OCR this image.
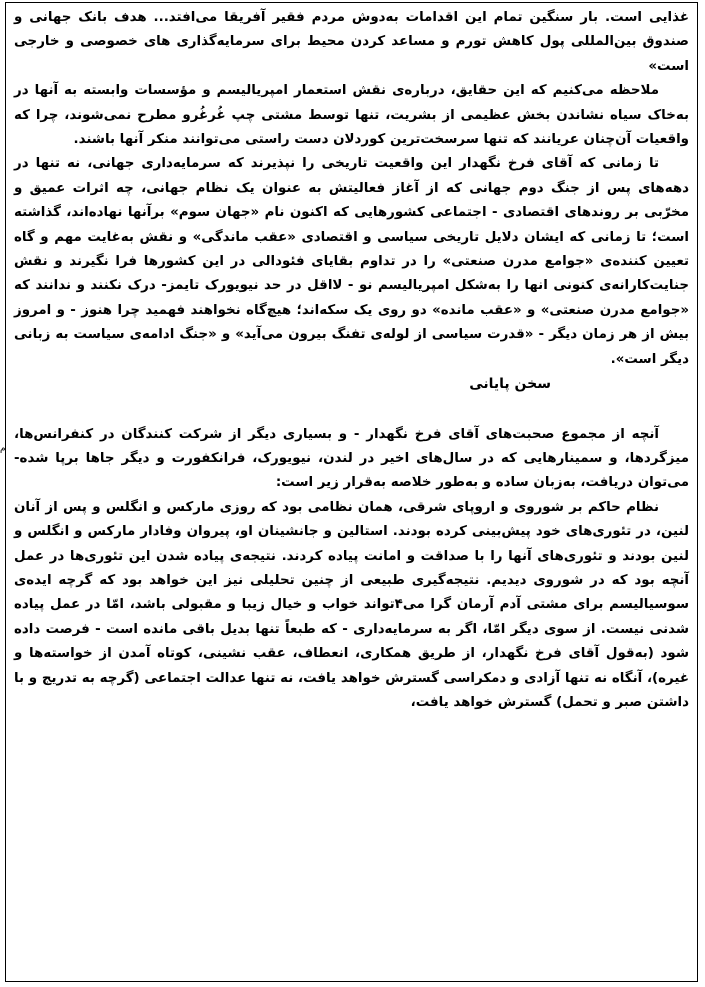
غذایی است. بار سنگین تمام این اقدامات به‌دوش مردم فقیر آفریقا می‌افتد... هدف بانک جهانی و صندوق بین‌المللی پول کاهش تورم و مساعد کردن محیط برای سرمایه‌گذاری های خصوصی و خارجی است»

ملاحظه می‌کنیم که این حقایق، درباره‌ی نقش استعمار امپریالیسم و مؤسسات وابسته به آنها در به‌خاک سیاه نشاندن بخش عظیمی از بشریت، تنها توسط مشتی چپ غُرغُرو مطرح نمی‌شوند، چرا که واقعیات آن‌چنان عریانند که تنها سرسخت‌ترین کوردلان دست راستی می‌توانند منکر آنها باشند.

تا زمانی که آقای فرخ نگهدار این واقعیت تاریخی را نپذیرند که سرمایه‌داری جهانی، نه تنها در دهه‌های پس از جنگ دوم جهانی که از آغاز فعالیتش به عنوان یک نظام جهانی، چه اثرات عمیق و مخرّبی بر روندهای اقتصادی - اجتماعی کشورهایی که اکنون نام «جهان سوم» برآنها نهاده‌اند، گذاشته است؛ تا زمانی که ایشان دلایل تاریخی سیاسی و اقتصادی «عقب ماندگی» و نقش به‌غایت مهم و گاه تعیین کننده‌ی «جوامع مدرن صنعتی» را در تداوم بقایای فئودالی در این کشورها فرا نگیرند و نقش جنایت‌کارانه‌ی کنونی انها را به‌شکل امپریالیسم نو - لااقل در حد نیویورک تایمز- درک نکنند و ندانند که «جوامع مدرن صنعتی» و «عقب مانده» دو روی یک سکه‌اند؛ هیچ‌گاه نخواهند فهمید چرا هنوز - و امروز بیش از هر زمان دیگر - «قدرت سیاسی از لوله‌ی تفنگ بیرون می‌آید» و «جنگ ادامه‌ی سیاست به زبانی دیگر است».

سخن پایانی

آنچه از مجموع صحبت‌های آقای فرخ نگهدار - و بسیاری دیگر از شرکت کنندگان در کنفرانس‌ها، میزگردها، و سمینارهایی که در سال‌های اخیر در لندن، نیویورک، فرانکفورت و دیگر جاها برپا شده- می‌توان دریافت، به‌زبان ساده و به‌طور خلاصه به‌قرار زیر است:

نظام حاکم بر شوروی و اروپای شرقی، همان نظامی بود که روزی مارکس و انگلس و پس از آنان لنین، در تئوری‌های خود پیش‌بینی کرده بودند. استالین و جانشینان او، پیروان وفادار مارکس و انگلس و لنین بودند و تئوری‌های آنها را با صداقت و امانت پیاده کردند. نتیجه‌ی پیاده شدن این تئوری‌ها در عمل آنچه بود که در شوروی دیدیم. نتیجه‌گیری طبیعی از چنین تحلیلی نیز این خواهد بود که گرچه ایده‌ی سوسیالیسم برای مشتی آدم آرمان گرا می‌۴تواند خواب و خیال زیبا و مقبولی باشد، امّا در عمل پیاده شدنی نیست. از سوی دیگر امّا، اگر به سرمایه‌داری - که طبعاً تنها بدیل باقی مانده است - فرصت داده شود (به‌قول آقای فرخ نگهدار، از طریق همکاری، انعطاف، عقب نشینی، کوتاه آمدن از خواسته‌ها و غیره)، آنگاه نه تنها آزادی و دمکراسی گسترش خواهد یافت، نه تنها عدالت اجتماعی (گرچه به تدریج و با داشتن صبر و تحمل) گسترش خواهد یافت،

م
